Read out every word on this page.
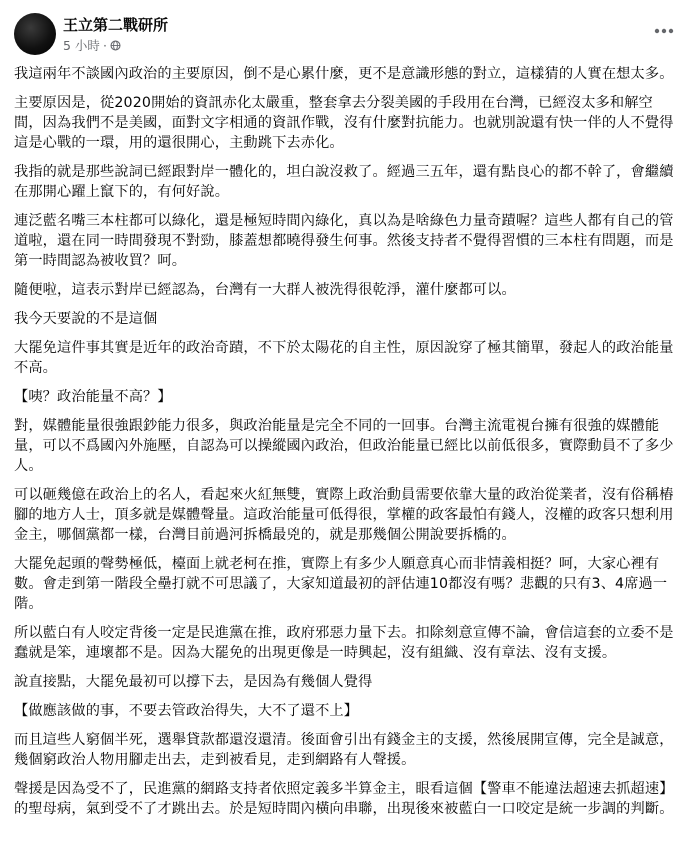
王立第二戰研所
5 小時 ·

我這兩年不談國內政治的主要原因，倒不是心累什麼，更不是意識形態的對立，這樣猜的人實在想太多。

主要原因是，從2020開始的資訊赤化太嚴重，整套拿去分裂美國的手段用在台灣，已經沒太多和解空間，因為我們不是美國，面對文字相通的資訊作戰，沒有什麼對抗能力。也就別說還有快一伴的人不覺得這是心戰的一環，用的還很開心，主動跳下去赤化。

我指的就是那些說詞已經跟對岸一體化的，坦白說沒救了。經過三五年，還有點良心的都不幹了，會繼續在那開心躍上竄下的，有何好說。

連泛藍名嘴三本柱都可以綠化，還是極短時間內綠化，真以為是啥綠色力量奇蹟喔？這些人都有自己的管道啦，還在同一時間發現不對勁，膝蓋想都曉得發生何事。然後支持者不覺得習慣的三本柱有問題，而是第一時間認為被收買？呵。

隨便啦，這表示對岸已經認為，台灣有一大群人被洗得很乾淨，灌什麼都可以。

我今天要說的不是這個

大罷免這件事其實是近年的政治奇蹟，不下於太陽花的自主性，原因說穿了極其簡單，發起人的政治能量不高。

【咦？政治能量不高？】

對，媒體能量很強跟鈔能力很多，與政治能量是完全不同的一回事。台灣主流電視台擁有很強的媒體能量，可以不爲國內外施壓，自認為可以操縱國內政治，但政治能量已經比以前低很多，實際動員不了多少人。

可以砸幾億在政治上的名人，看起來火紅無雙，實際上政治動員需要依靠大量的政治從業者，沒有俗稱樁腳的地方人士，頂多就是媒體聲量。這政治能量可低得很，掌權的政客最怕有錢人，沒權的政客只想利用金主，哪個黨都一樣，台灣目前過河拆橋最兇的，就是那幾個公開說要拆橋的。

大罷免起頭的聲勢極低，檯面上就老柯在推，實際上有多少人願意真心而非情義相挺？呵，大家心裡有數。會走到第一階段全壘打就不可思議了，大家知道最初的評估連10都沒有嗎？悲觀的只有3、4席過一階。

所以藍白有人咬定背後一定是民進黨在推，政府邪惡力量下去。扣除刻意宣傳不論，會信這套的立委不是蠢就是笨，連壞都不是。因為大罷免的出現更像是一時興起，沒有組織、沒有章法、沒有支援。

說直接點，大罷免最初可以撐下去，是因為有幾個人覺得

【做應該做的事，不要去管政治得失，大不了還不上】

而且這些人窮個半死，選舉貸款都還沒還清。後面會引出有錢金主的支援，然後展開宣傳，完全是誠意，幾個窮政治人物用腳走出去，走到被看見，走到網路有人聲援。

聲援是因為受不了，民進黨的網路支持者依照定義多半算金主，眼看這個【警車不能違法超速去抓超速】的聖母病，氣到受不了才跳出去。於是短時間內橫向串聯，出現後來被藍白一口咬定是統一步調的判斷。
